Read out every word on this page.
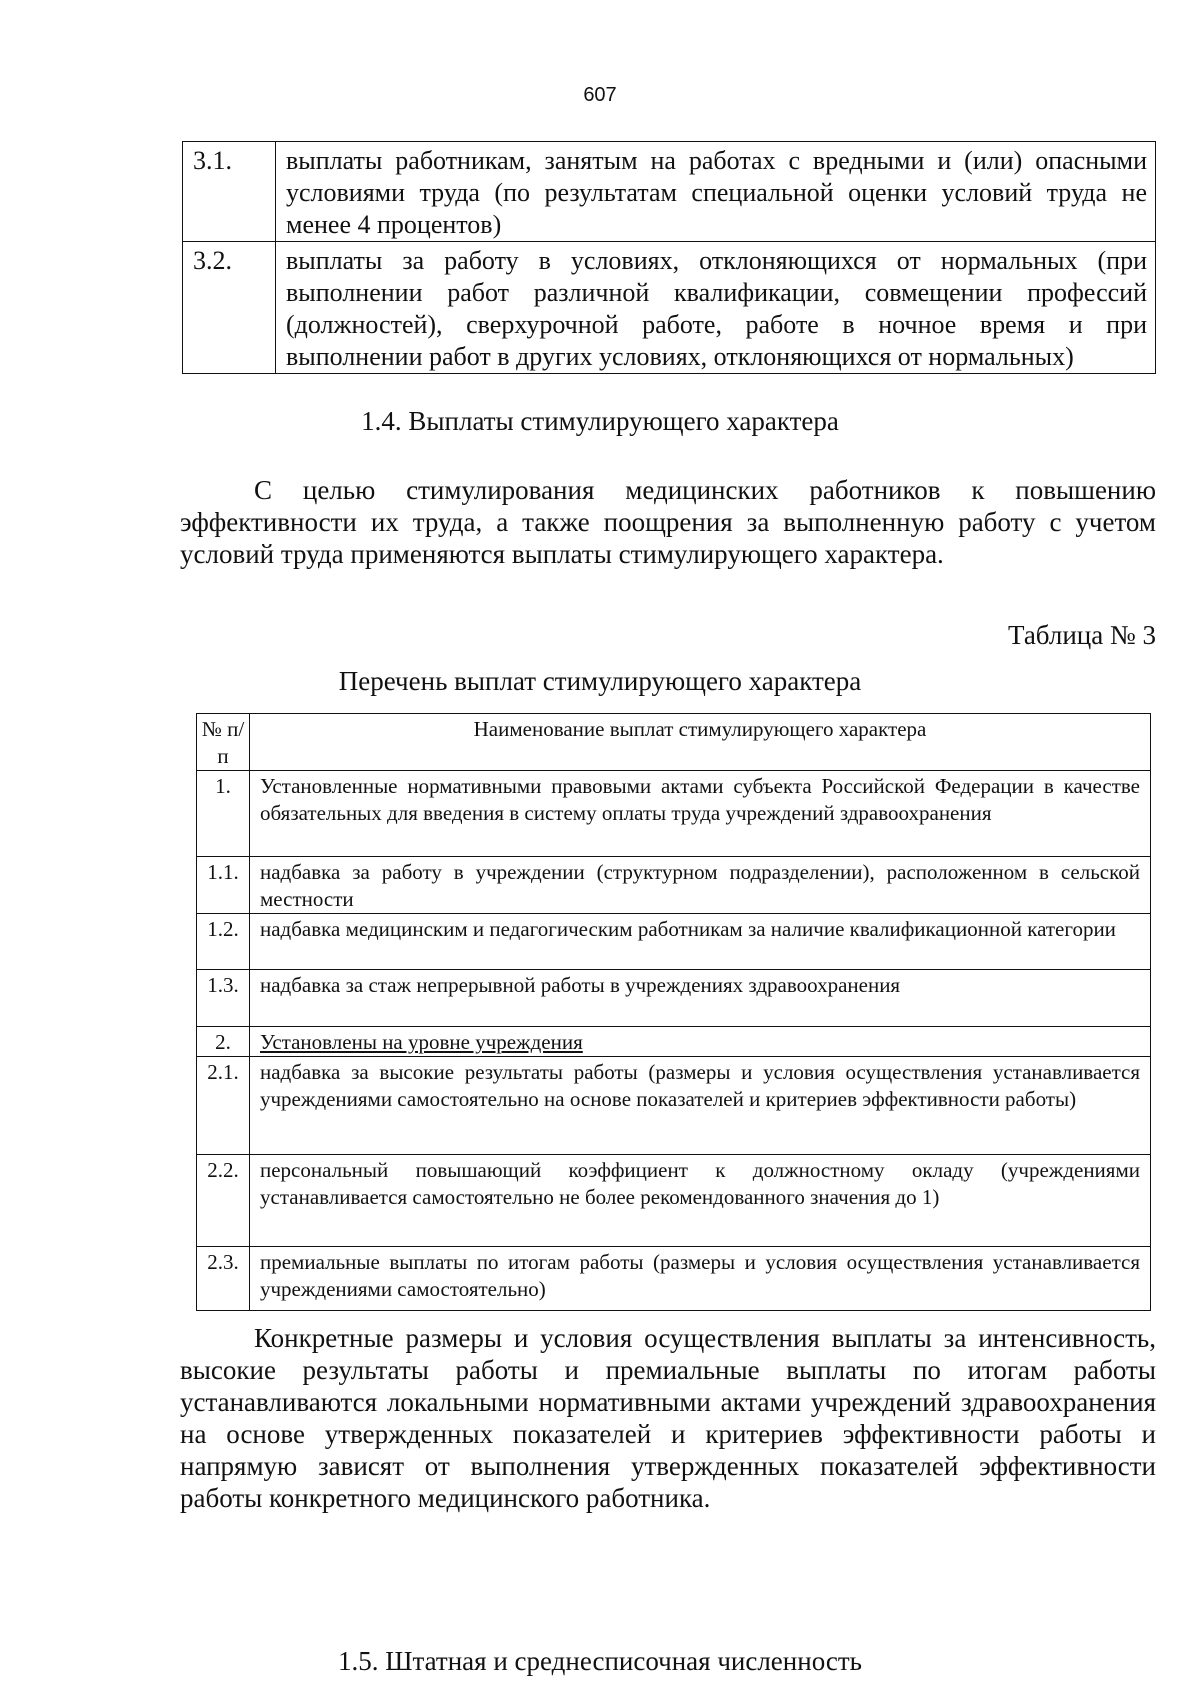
607
3.1.	выплаты работникам, занятым на работах с вредными и (или) опасными условиями труда (по результатам специальной оценки условий труда не менее 4 процентов)
3.2.	выплаты за работу в условиях, отклоняющихся от нормальных (при выполнении работ различной квалификации, совмещении профессий (должностей), сверхурочной работе, работе в ночное время и при выполнении работ в других условиях, отклоняющихся от нормальных)
1.4. Выплаты стимулирующего характера

С целью стимулирования медицинских работников к повышению эффективности их труда, а также поощрения за выполненную работу с учетом условий труда применяются выплаты стимулирующего характера.

Таблица № 3
Перечень выплат стимулирующего характера
№ п/п	Наименование выплат стимулирующего характера
1.	Установленные нормативными правовыми актами субъекта Российской Федерации в качестве обязательных для введения в систему оплаты труда учреждений здравоохранения
1.1.	надбавка за работу в учреждении (структурном подразделении), расположенном в сельской местности
1.2.	надбавка медицинским и педагогическим работникам за наличие квалификационной категории
1.3.	надбавка за стаж непрерывной работы в учреждениях здравоохранения
2.	Установлены на уровне учреждения
2.1.	надбавка за высокие результаты работы (размеры и условия осуществления устанавливается учреждениями самостоятельно на основе показателей и критериев эффективности работы)
2.2.	персональный повышающий коэффициент к должностному окладу (учреждениями устанавливается самостоятельно не более рекомендованного значения до 1)
2.3.	премиальные выплаты по итогам работы (размеры и условия осуществления устанавливается учреждениями самостоятельно)

Конкретные размеры и условия осуществления выплаты за интенсивность, высокие результаты работы и премиальные выплаты по итогам работы устанавливаются локальными нормативными актами учреждений здравоохранения на основе утвержденных показателей и критериев эффективности работы и напрямую зависят от выполнения утвержденных показателей эффективности работы конкретного медицинского работника.

1.5. Штатная и среднесписочная численность
